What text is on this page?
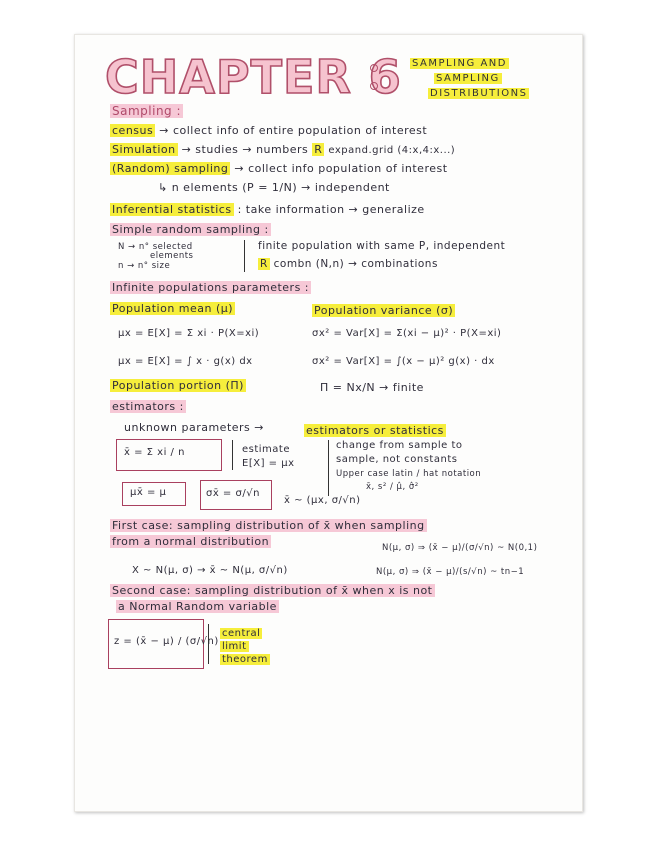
CHAPTER 6 SAMPLING AND
SAMPLING
DISTRIBUTIONS
Sampling :
census → collect info of entire population of interest
Simulation → studies → numbers R expand.grid (4:x,4:x...)
(Random) sampling → collect info population of interest
↳ n elements (P = 1/N) → independent
Inferential statistics : take information → generalize
Simple random sampling :
N → n° selected
elements
n → n° size
finite population with same P, independent
R combn (N,n) → combinations
Infinite populations parameters :
Population mean (μ)	Population variance (σ)
μx = E[X] = Σ xi · P(X=xi)	σx² = Var[X] = Σ(xi − μ)² · P(X=xi)
μx = E[X] = ∫ x · g(x) dx	σx² = Var[X] = ∫(x − μ)² g(x) · dx
Population portion (Π)	Π = Nx/N → finite
estimators :
unknown parameters →	estimators or statistics
x̄ = Σ xi / n	estimate
E[X] = μx
change from sample to
sample, not constants
Upper case latin / hat notation
x̄, s² / μ̂, σ̂²
μx̄ = μ	σx̄ = σ/√n
x̄ ~ (μx, σ/√n)
First case: sampling distribution of x̄ when sampling
from a normal distribution	N(μ, σ) ⇒ (x̄ − μ)/(σ/√n) ~ N(0,1)
X ~ N(μ, σ) → x̄ ~ N(μ, σ/√n)	N(μ, σ) ⇒ (x̄ − μ)/(s/√n) ~ tn−1
Second case: sampling distribution of x̄ when x is not
a Normal Random variable
z = (x̄ − μ) / (σ/√n)
central
limit
theorem
